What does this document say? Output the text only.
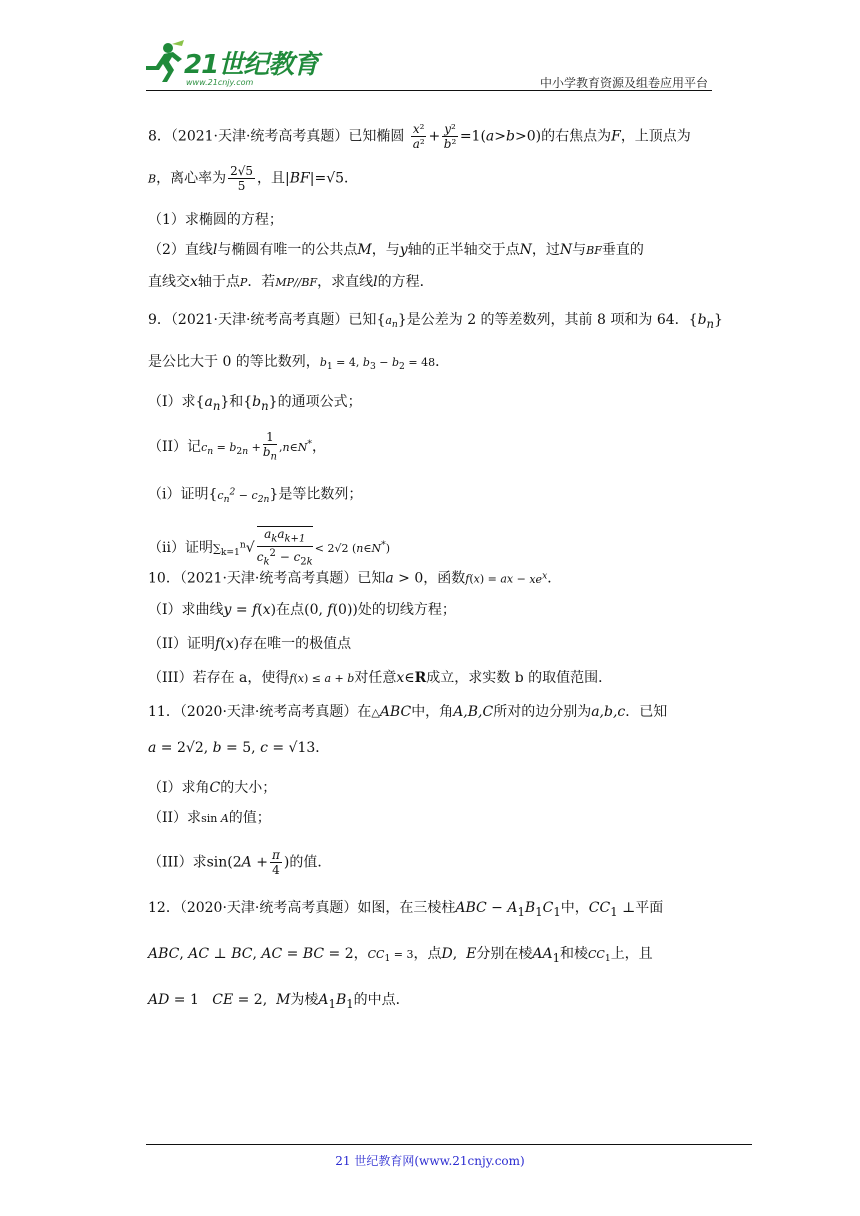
21世纪教育
www.21cnjy.com	中小学教育资源及组卷应用平台
8．（2021·天津·统考高考真题）已知椭圆 $\frac{\text{x²}}{\text{a²}} + \frac{\text{y²}}{\text{b²}} =1(a>b>0)$的右焦点为F，上顶点为
B，离心率为 $\frac{2√5}{5}$ ，且|BF|=√5．
（1）求椭圆的方程；
（2）直线l与椭圆有唯一的公共点M，与y轴的正半轴交于点N，过N与BF垂直的
直线交x轴于点P．若MP//BF，求直线l的方程．
9．（2021·天津·统考高考真题）已知$\{a_n\}$是公差为 2 的等差数列，其前 8 项和为 64．$\{b_n\}$
是公比大于 0 的等比数列，$b_1 = 4$, $b_3 - b_2 = 48$．
（I）求$\{a_n\}$和$\{b_n\}$的通项公式；
（II）记$c_n = b_{2n} + \frac{1}{b_n}$ ,n∈N*，
（i）证明$\{c_n^2 - c_{2n}\}$是等比数列；
（ii）证明$\sum_{k=1}^n√ \frac{a_ka_{k+1}}{c_k^2 - c_{2k}} < 2√2$ (n∈N*)
10．（2021·天津·统考高考真题）已知a > 0，函数f(x) = ax − $xe^x$．
（I）求曲线y = f(x)在点(0, f(0))处的切线方程；
（II）证明f(x)存在唯一的极值点
（III）若存在 a，使得f(x) ≤ a + b对任意x∈R成立，求实数 b 的取值范围．
11．（2020·天津·统考高考真题）在△ABC中，角A,B,C所对的边分别为a,b,c．已知
a = 2√2, b = 5, c = √13．
（I）求角C的大小；
（II）求sin A的值；
（III）求$\sin(2A + \frac{\pi}{4}$ )的值．
12．（2020·天津·统考高考真题）如图，在三棱柱ABC − $A_1B_1C_1$中，$CC_1$ ⊥平面
ABC, AC ⊥ BC, AC = BC = 2，$CC_1 = 3$，点D,  E分别在棱$AA_1$和棱$CC_1$上，且
AD = 1   CE = 2,  M为棱$A_1B_1$的中点．
21 世纪教育网(www.21cnjy.com)
